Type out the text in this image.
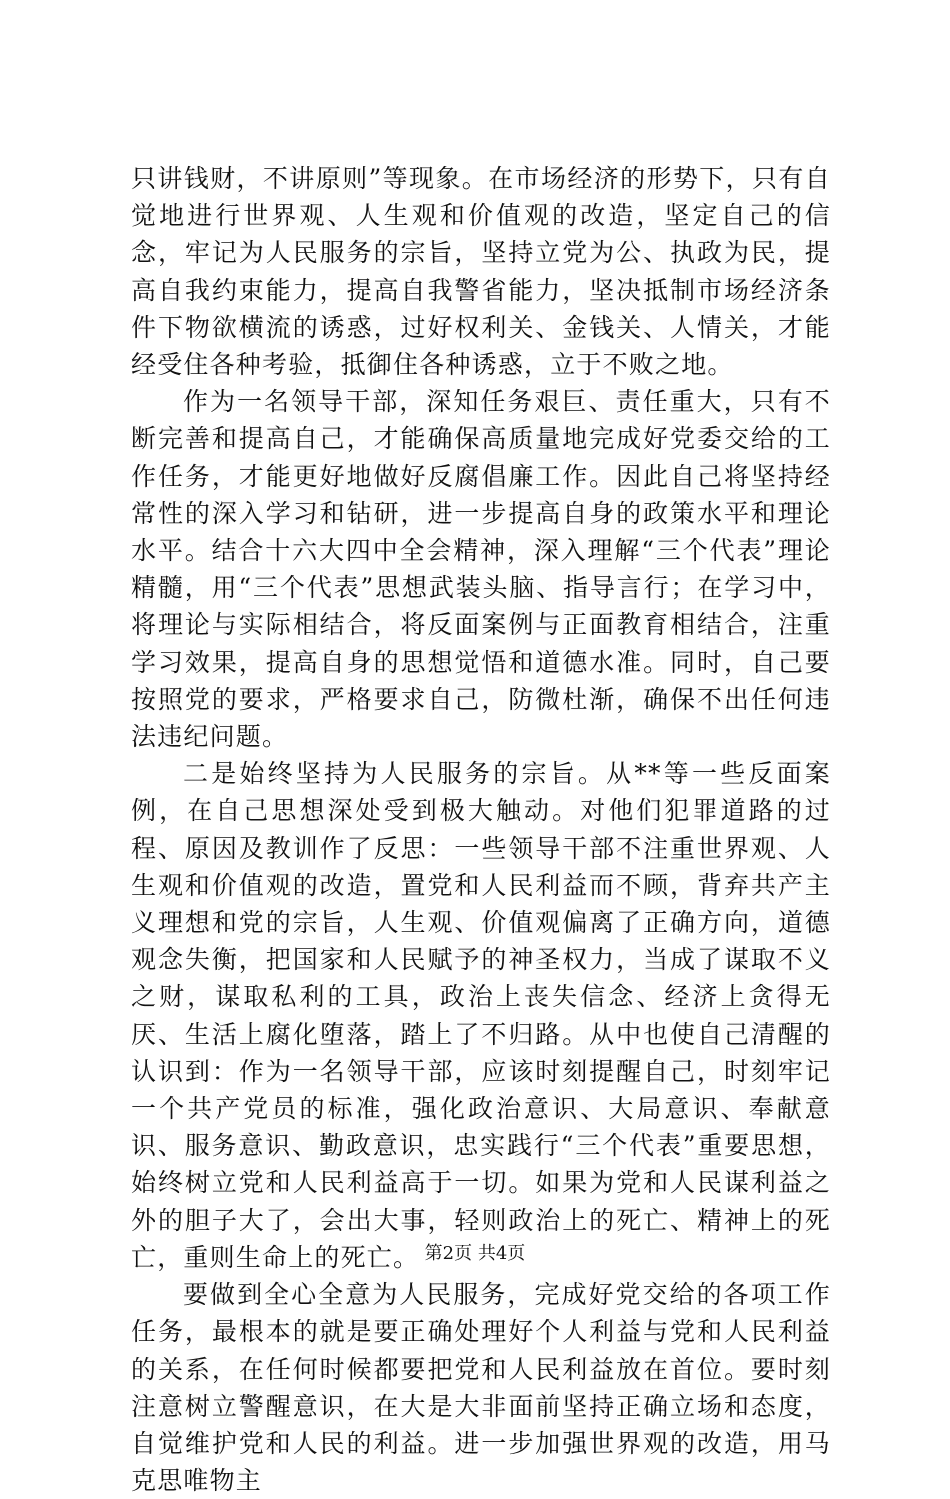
只讲钱财，不讲原则”等现象。在市场经济的形势下，只有自觉地进行世界观、人生观和价值观的改造，坚定自己的信念，牢记为人民服务的宗旨，坚持立党为公、执政为民，提高自我约束能力，提高自我警省能力，坚决抵制市场经济条件下物欲横流的诱惑，过好权利关、金钱关、人情关，才能经受住各种考验，抵御住各种诱惑，立于不败之地。

作为一名领导干部，深知任务艰巨、责任重大，只有不断完善和提高自己，才能确保高质量地完成好党委交给的工作任务，才能更好地做好反腐倡廉工作。因此自己将坚持经常性的深入学习和钻研，进一步提高自身的政策水平和理论水平。结合十六大四中全会精神，深入理解“三个代表”理论精髓，用“三个代表”思想武装头脑、指导言行；在学习中，将理论与实际相结合，将反面案例与正面教育相结合，注重学习效果，提高自身的思想觉悟和道德水准。同时，自己要按照党的要求，严格要求自己，防微杜渐，确保不出任何违法违纪问题。

二是始终坚持为人民服务的宗旨。从**等一些反面案例，在自己思想深处受到极大触动。对他们犯罪道路的过程、原因及教训作了反思：一些领导干部不注重世界观、人生观和价值观的改造，置党和人民利益而不顾，背弃共产主义理想和党的宗旨，人生观、价值观偏离了正确方向，道德观念失衡，把国家和人民赋予的神圣权力，当成了谋取不义之财，谋取私利的工具，政治上丧失信念、经济上贪得无厌、生活上腐化堕落，踏上了不归路。从中也使自己清醒的认识到：作为一名领导干部，应该时刻提醒自己，时刻牢记一个共产党员的标准，强化政治意识、大局意识、奉献意识、服务意识、勤政意识，忠实践行“三个代表”重要思想，始终树立党和人民利益高于一切。如果为党和人民谋利益之外的胆子大了，会出大事，轻则政治上的死亡、精神上的死亡，重则生命上的死亡。

要做到全心全意为人民服务，完成好党交给的各项工作任务，最根本的就是要正确处理好个人利益与党和人民利益的关系，在任何时候都要把党和人民利益放在首位。要时刻注意树立警醒意识，在大是大非面前坚持正确立场和态度，自觉维护党和人民的利益。进一步加强世界观的改造，用马克思唯物主

第2页 共4页
